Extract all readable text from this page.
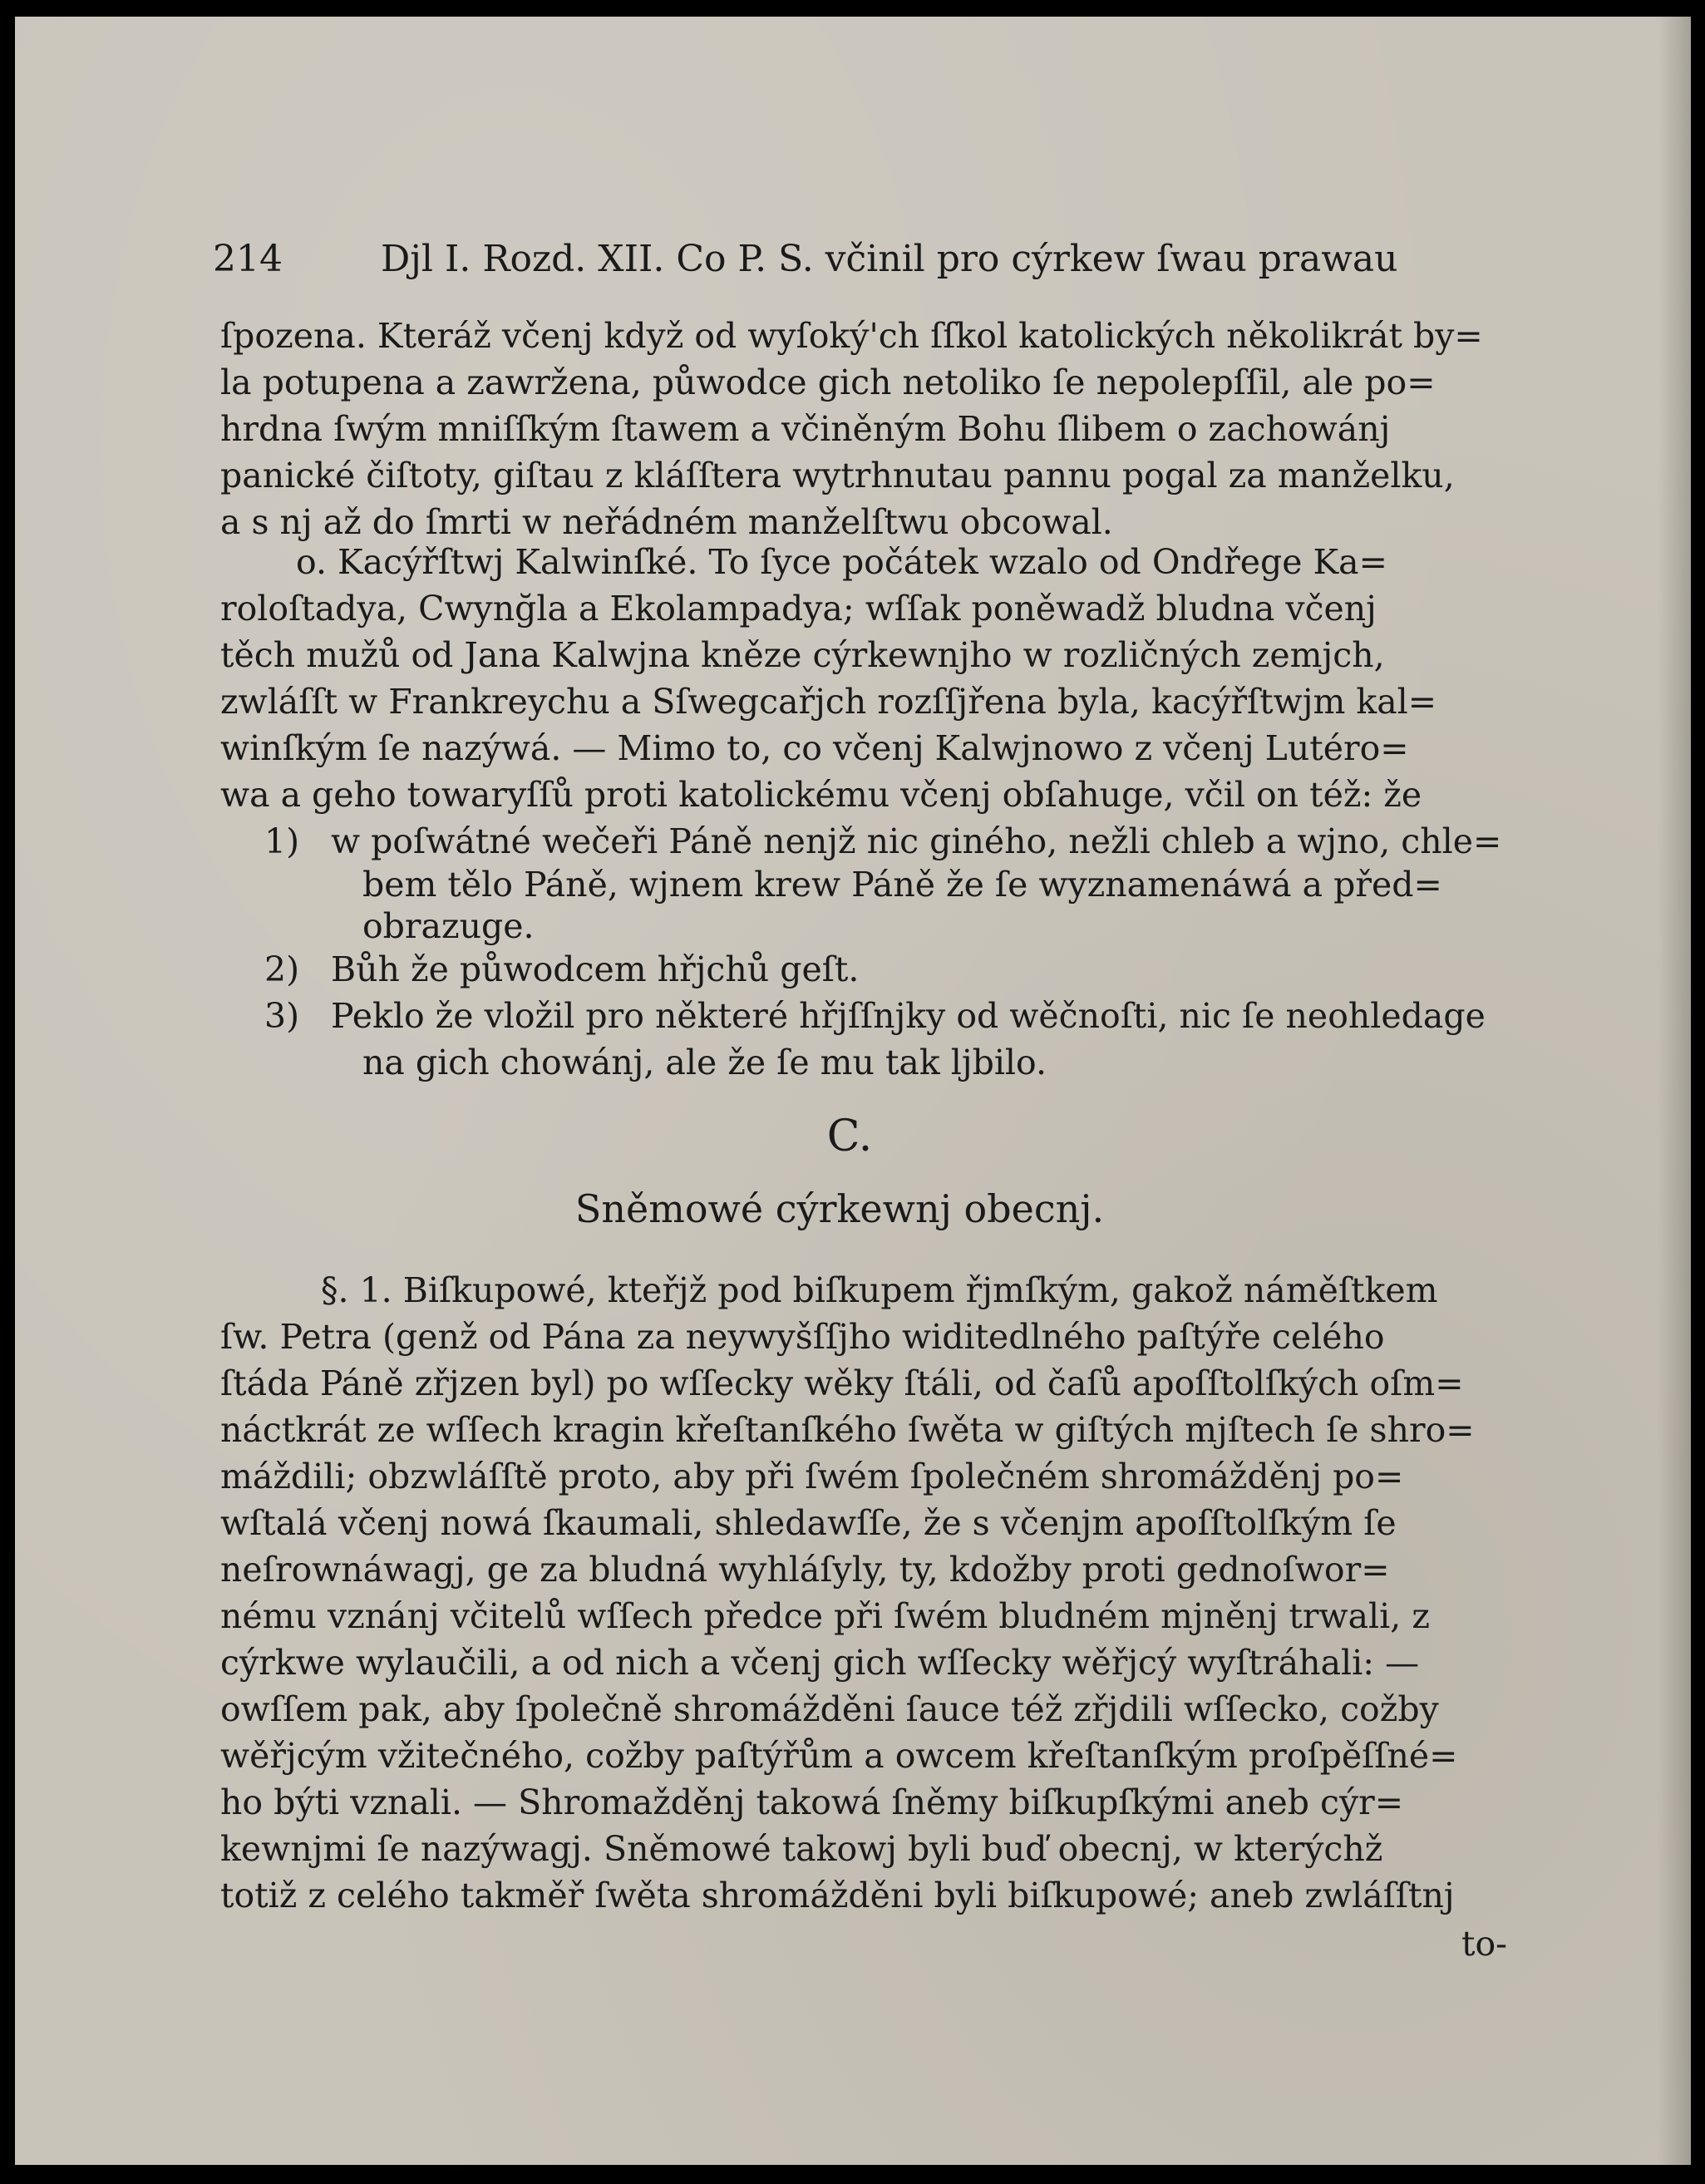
214	Djl I. Rozd. XII. Co P. S. včinil pro cýrkew ſwau prawau
ſpozena. Kteráž včenj když od wyſoký'ch ſſkol katolických několikrát by=
la potupena a zawržena, půwodce gich netoliko ſe nepolepſſil, ale po=
hrdna ſwým mniſſkým ſtawem a včiněným Bohu ſlibem o zachowánj
panické čiſtoty, giſtau z kláſſtera wytrhnutau pannu pogal za manželku,
a s nj až do ſmrti w neřádném manželſtwu obcowal.
o. Kacýřſtwj Kalwinſké. To ſyce počátek wzalo od Ondřege Ka=
roloſtadya, Cwynğla a Ekolampadya; wſſak poněwadž bludna včenj
těch mužů od Jana Kalwjna kněze cýrkewnjho w rozličných zemjch,
zwláſſt w Frankreychu a Sſwegcařjch rozſſjřena byla, kacýřſtwjm kal=
winſkým ſe nazýwá. — Mimo to, co včenj Kalwjnowo z včenj Lutéro=
wa a geho towaryſſů proti katolickému včenj obſahuge, včil on též: že
1) w poſwátné wečeři Páně nenjž nic giného, nežli chleb a wjno, chle=
bem tělo Páně, wjnem krew Páně že ſe wyznamenáwá a před=
obrazuge.
2) Bůh že půwodcem hřjchů geſt.
3) Peklo že vložil pro některé hřjſſnjky od wěčnoſti, nic ſe neohledage
na gich chowánj, ale že ſe mu tak ljbilo.
C.
Sněmowé cýrkewnj obecnj.
§. 1. Biſkupowé, kteřjž pod biſkupem řjmſkým, gakož náměſtkem
ſw. Petra (genž od Pána za neywyšſſjho widitedlného paſtýře celého
ſtáda Páně zřjzen byl) po wſſecky wěky ſtáli, od čaſů apoſſtolſkých oſm=
náctkrát ze wſſech kragin křeſtanſkého ſwěta w giſtých mjſtech ſe shro=
máždili; obzwláſſtě proto, aby při ſwém ſpolečném shromážděnj po=
wſtalá včenj nowá ſkaumali, shledawſſe, že s včenjm apoſſtolſkým ſe
neſrownáwagj, ge za bludná wyhláſyly, ty, kdožby proti gednoſwor=
nému vznánj včitelů wſſech předce při ſwém bludném mjněnj trwali, z
cýrkwe wylaučili, a od nich a včenj gich wſſecky wěřjcý wyſtráhali: —
owſſem pak, aby ſpolečně shromážděni ſauce též zřjdili wſſecko, cožby
wěřjcým vžitečného, cožby paſtýřům a owcem křeſtanſkým proſpěſſné=
ho býti vznali. — Shromažděnj takowá ſněmy biſkupſkými aneb cýr=
kewnjmi ſe nazýwagj. Sněmowé takowj byli buď obecnj, w kterýchž
totiž z celého takměř ſwěta shromážděni byli biſkupowé; aneb zwláſſtnj
to-
